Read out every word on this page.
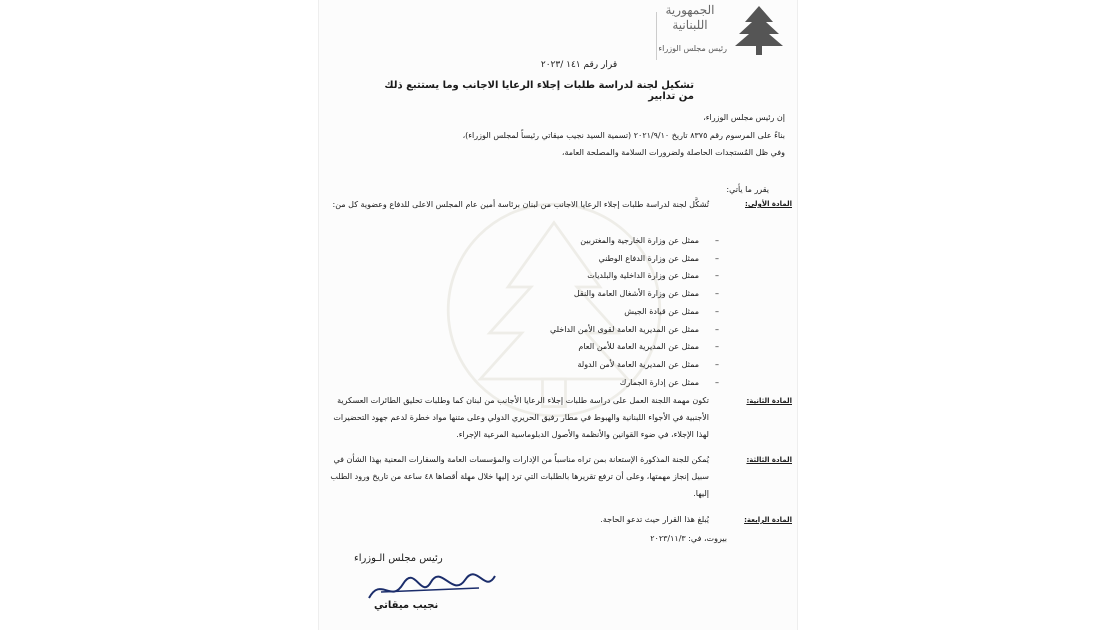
الجمهورية
اللبنانية
رئيس مجلس الوزراء
قرار رقم ١٤١ /٢٠٢٣
تشكيل لجنة لدراسة طلبات إجلاء الرعايا الاجانب وما يستتبع ذلك من تدابير
إن رئيس مجلس الوزراء،
بناءً على المرسوم رقم ٨٣٧٥ تاريخ ٢٠٢١/٩/١٠ (تسمية السيد نجيب ميقاتي رئيساً لمجلس الوزراء)،
وفي ظل المُستجدات الحاصلة ولضرورات السلامة والمصلحة العامة،
يقرر ما يأتي:
المادة الأولى:
تُشكَّل لجنة لدراسة طلبات إجلاء الرعايا الاجانب من لبنان برئاسة أمين عام المجلس الاعلى للدفاع وعضوية كل من:
–
ممثل عن وزارة الخارجية والمغتربين
–
ممثل عن وزارة الدفاع الوطني
–
ممثل عن وزارة الداخلية والبلديات
–
ممثل عن وزارة الأشغال العامة والنقل
–
ممثل عن قيادة الجيش
–
ممثل عن المديرية العامة لقوى الأمن الداخلي
–
ممثل عن المديرية العامة للأمن العام
–
ممثل عن المديرية العامة لأمن الدولة
–
ممثل عن إدارة الجمارك
المادة الثانية:
تكون مهمة اللجنة العمل على دراسة طلبات إجلاء الرعايا الأجانب من لبنان كما وطلبات تحليق الطائرات العسكرية الأجنبية في الأجواء اللبنانية والهبوط في مطار رفيق الحريري الدولي وعلى متنها مواد خطرة لدعم جهود التحضيرات لهذا الإجلاء، في ضوء القوانين والأنظمة والأصول الدبلوماسية المرعية الإجراء.
المادة الثالثة:
يُمكن للجنة المذكورة الإستعانة بمن تراه مناسباً من الإدارات والمؤسسات العامة والسفارات المعنية بهذا الشأن في سبيل إنجاز مهمتها، وعلى أن ترفع تقريرها بالطلبات التي ترد إليها خلال مهلة أقصاها ٤٨ ساعة من تاريخ ورود الطلب إليها.
المادة الرابعة:
يُبلغ هذا القرار حيث تدعو الحاجة.
بيروت، في: ٢٠٢٣/١١/٣
رئيس مجلس الـوزراء
نجيب ميقاتي
